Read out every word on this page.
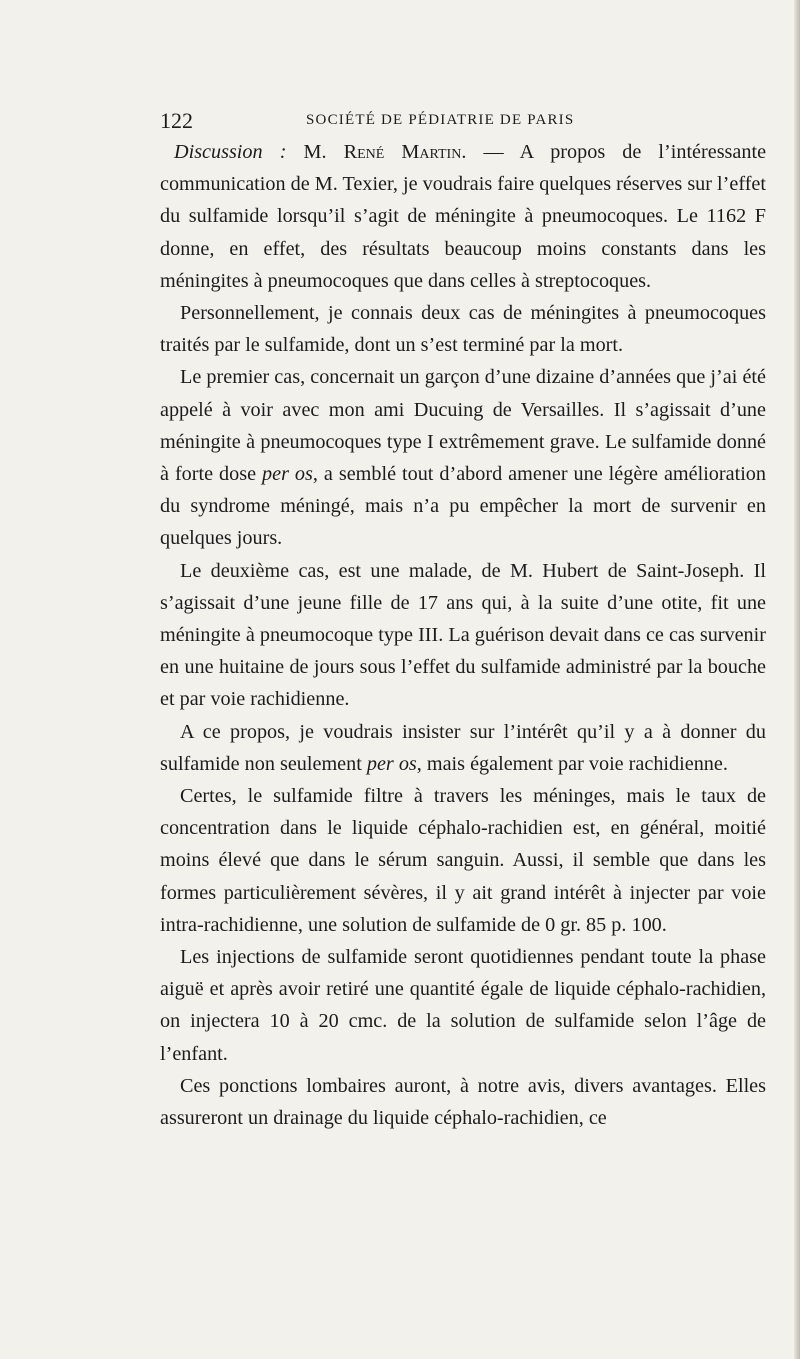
122	SOCIÉTÉ DE PÉDIATRIE DE PARIS

Discussion : M. René Martin. — A propos de l’intéressante communication de M. Texier, je voudrais faire quelques réserves sur l’effet du sulfamide lorsqu’il s’agit de méningite à pneumocoques. Le 1162 F donne, en effet, des résultats beaucoup moins constants dans les méningites à pneumocoques que dans celles à streptocoques.

Personnellement, je connais deux cas de méningites à pneumocoques traités par le sulfamide, dont un s’est terminé par la mort.

Le premier cas, concernait un garçon d’une dizaine d’années que j’ai été appelé à voir avec mon ami Ducuing de Versailles. Il s’agissait d’une méningite à pneumocoques type I extrêmement grave. Le sulfamide donné à forte dose per os, a semblé tout d’abord amener une légère amélioration du syndrome méningé, mais n’a pu empêcher la mort de survenir en quelques jours.

Le deuxième cas, est une malade, de M. Hubert de Saint-Joseph. Il s’agissait d’une jeune fille de 17 ans qui, à la suite d’une otite, fit une méningite à pneumocoque type III. La guérison devait dans ce cas survenir en une huitaine de jours sous l’effet du sulfamide administré par la bouche et par voie rachidienne.

A ce propos, je voudrais insister sur l’intérêt qu’il y a à donner du sulfamide non seulement per os, mais également par voie rachidienne.

Certes, le sulfamide filtre à travers les méninges, mais le taux de concentration dans le liquide céphalo-rachidien est, en général, moitié moins élevé que dans le sérum sanguin. Aussi, il semble que dans les formes particulièrement sévères, il y ait grand intérêt à injecter par voie intra-rachidienne, une solution de sulfamide de 0 gr. 85 p. 100.

Les injections de sulfamide seront quotidiennes pendant toute la phase aiguë et après avoir retiré une quantité égale de liquide céphalo-rachidien, on injectera 10 à 20 cmc. de la solution de sulfamide selon l’âge de l’enfant.

Ces ponctions lombaires auront, à notre avis, divers avantages. Elles assureront un drainage du liquide céphalo-rachidien, ce
